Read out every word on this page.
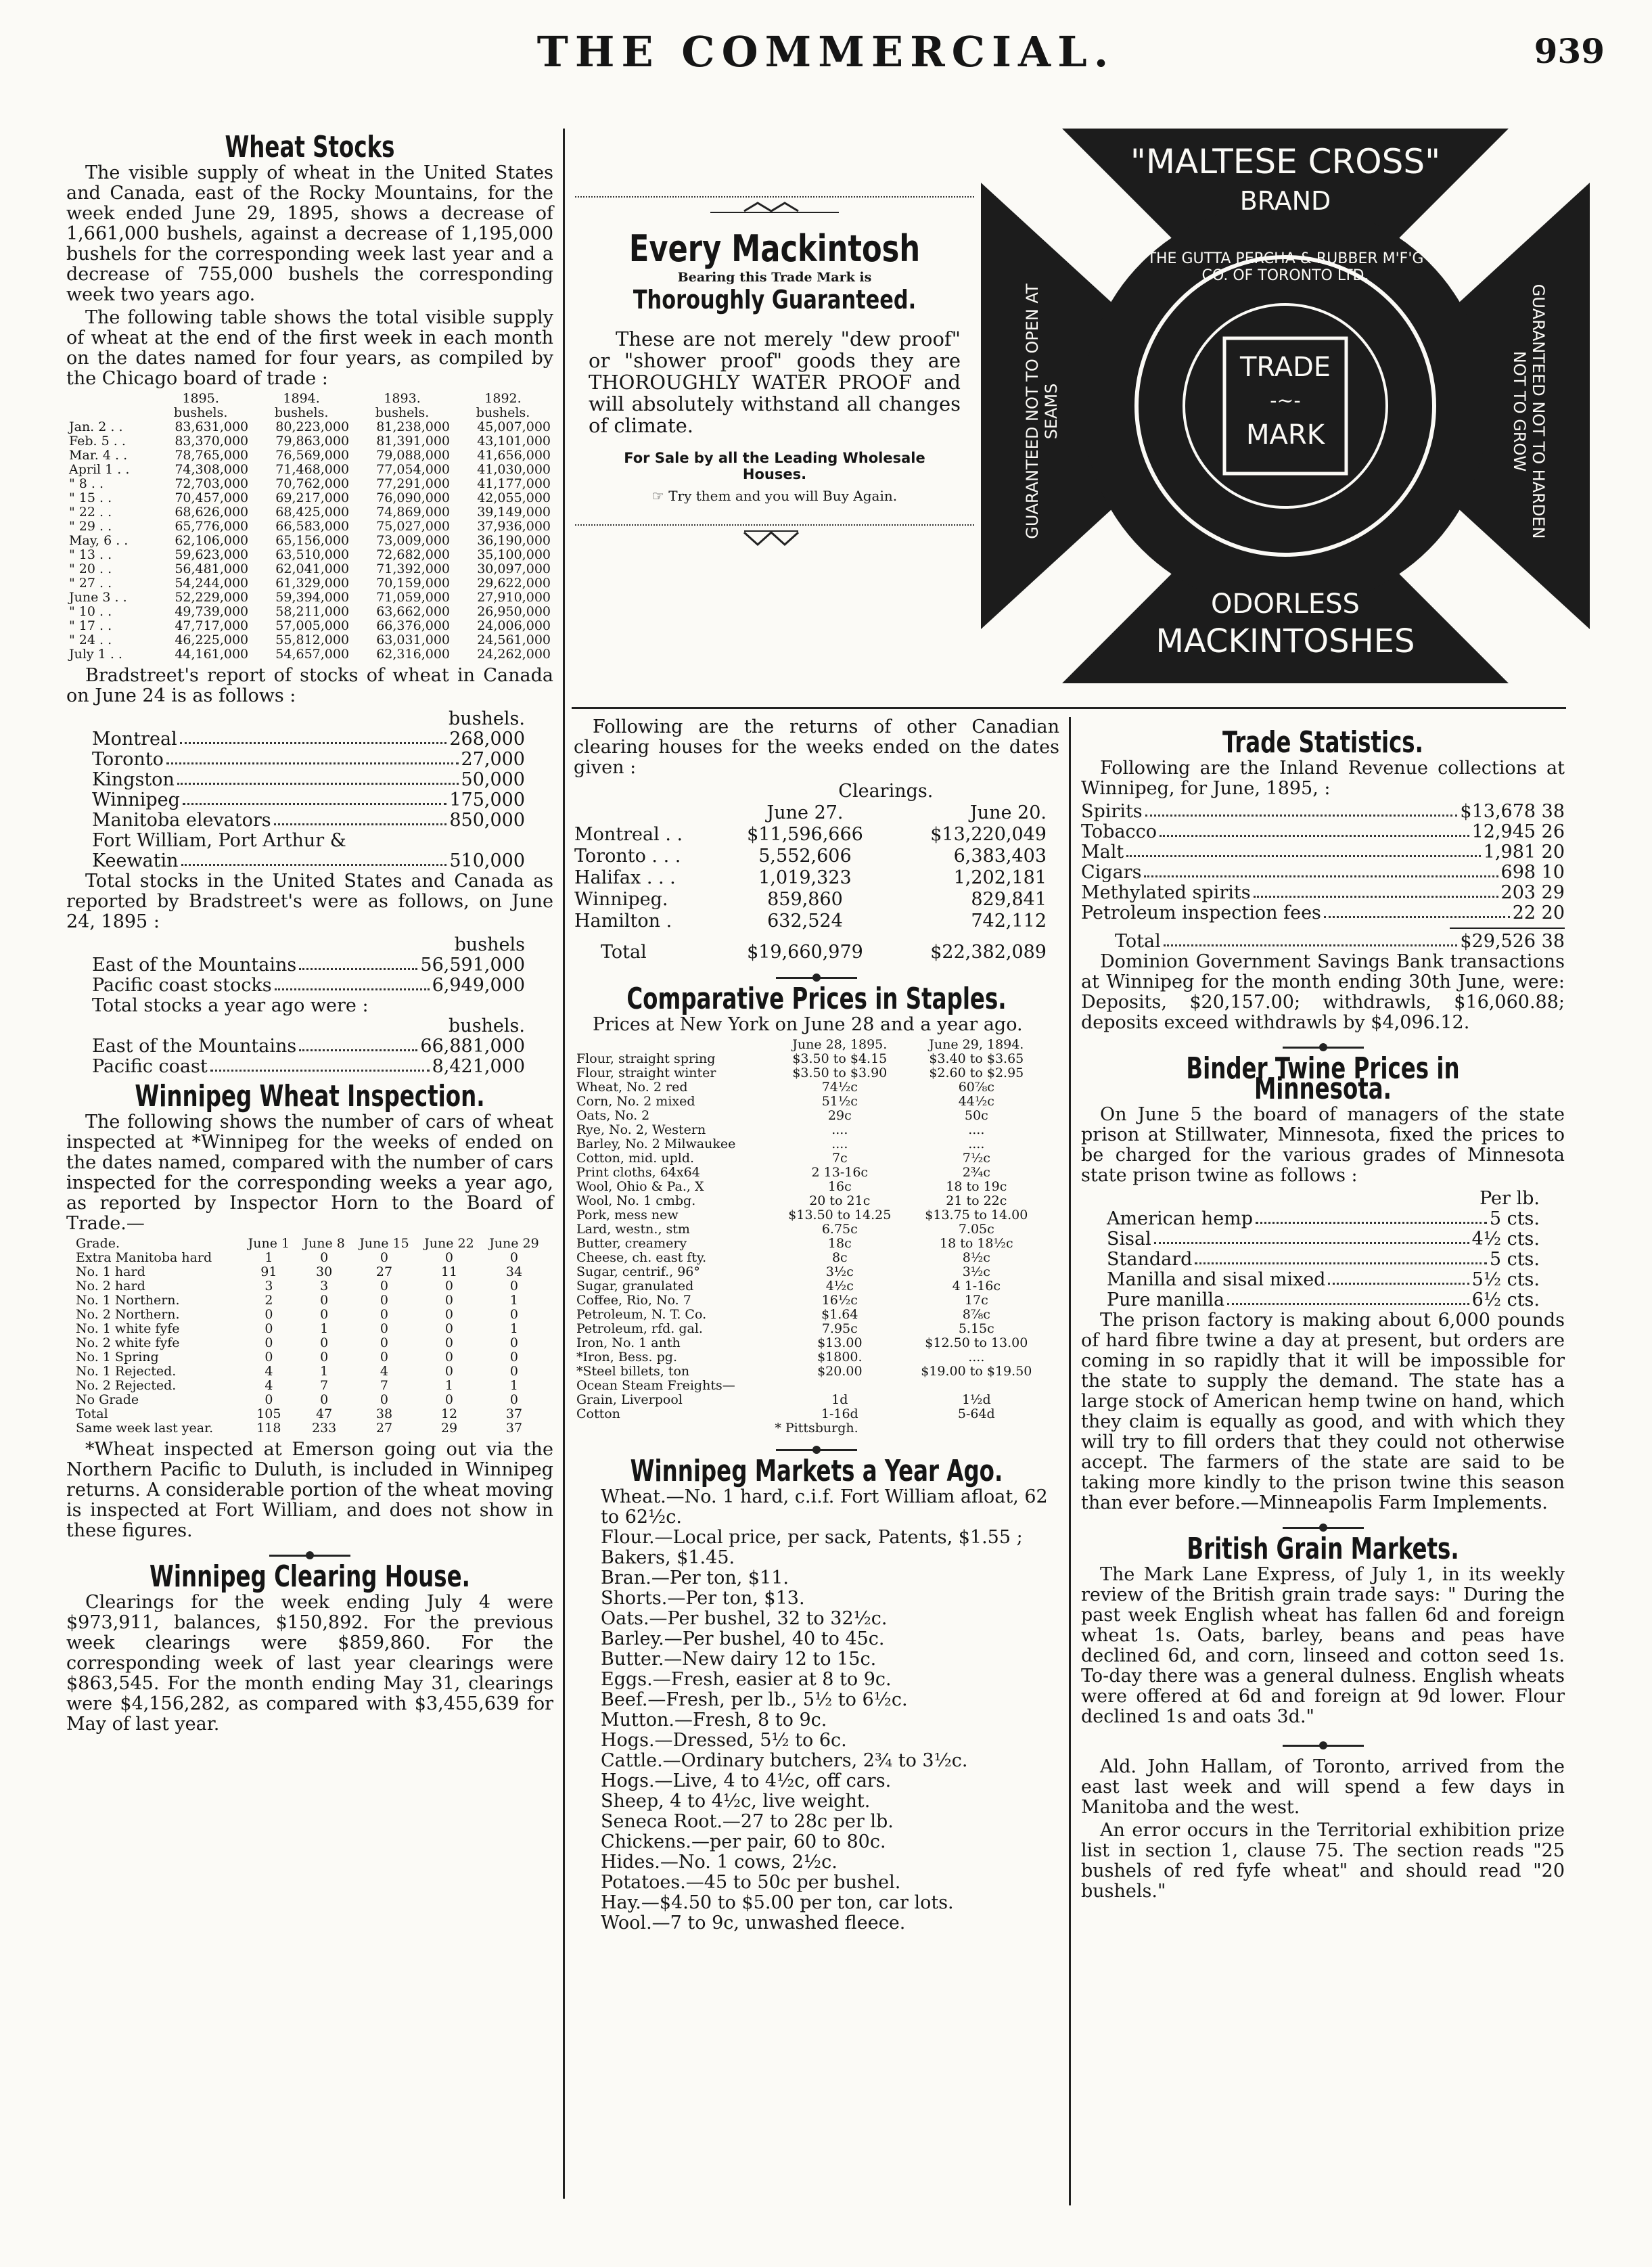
THE COMMERCIAL.	939
Wheat Stocks

The visible supply of wheat in the United States and Canada, east of the Rocky Mountains, for the week ended June 29, 1895, shows a decrease of 1,661,000 bushels, against a decrease of 1,195,000 bushels for the corresponding week last year and a decrease of 755,000 bushels the corresponding week two years ago.

The following table shows the total visible supply of wheat at the end of the first week in each month on the dates named for four years, as compiled by the Chicago board of trade :

	1895.	1894.	1893.	1892.
	bushels.	bushels.	bushels.	bushels.
Jan. 2 . .	83,631,000	80,223,000	81,238,000	45,007,000
Feb. 5 . .	83,370,000	79,863,000	81,391,000	43,101,000
Mar. 4 . .	78,765,000	76,569,000	79,088,000	41,656,000
April 1 . .	74,308,000	71,468,000	77,054,000	41,030,000
" 8 . .	72,703,000	70,762,000	77,291,000	41,177,000
" 15 . .	70,457,000	69,217,000	76,090,000	42,055,000
" 22 . .	68,626,000	68,425,000	74,869,000	39,149,000
" 29 . .	65,776,000	66,583,000	75,027,000	37,936,000
May, 6 . .	62,106,000	65,156,000	73,009,000	36,190,000
" 13 . .	59,623,000	63,510,000	72,682,000	35,100,000
" 20 . .	56,481,000	62,041,000	71,392,000	30,097,000
" 27 . .	54,244,000	61,329,000	70,159,000	29,622,000
June 3 . .	52,229,000	59,394,000	71,059,000	27,910,000
" 10 . .	49,739,000	58,211,000	63,662,000	26,950,000
" 17 . .	47,717,000	57,005,000	66,376,000	24,006,000
" 24 . .	46,225,000	55,812,000	63,031,000	24,561,000
July 1 . .	44,161,000	54,657,000	62,316,000	24,262,000

Bradstreet's report of stocks of wheat in Canada on June 24 is as follows :

bushels.
Montreal	268,000
Toronto	27,000
Kingston	50,000
Winnipeg	175,000
Manitoba elevators	850,000
Fort William, Port Arthur &
Keewatin	510,000

Total stocks in the United States and Canada as reported by Bradstreet's were as follows, on June 24, 1895 :

bushels
East of the Mountains	56,591,000
Pacific coast stocks	6,949,000
Total stocks a year ago were :
bushels.
East of the Mountains	66,881,000
Pacific coast	8,421,000
Winnipeg Wheat Inspection.

The following shows the number of cars of wheat inspected at *Winnipeg for the weeks of ended on the dates named, compared with the number of cars inspected for the corresponding weeks a year ago, as reported by Inspector Horn to the Board of Trade.—

Grade.	June 1	June 8	June 15	June 22	June 29
Extra Manitoba hard	1	0	0	0	0
No. 1 hard	91	30	27	11	34
No. 2 hard	3	3	0	0	0
No. 1 Northern.	2	0	0	0	1
No. 2 Northern.	0	0	0	0	0
No. 1 white fyfe	0	1	0	0	1
No. 2 white fyfe	0	0	0	0	0
No. 1 Spring	0	0	0	0	0
No. 1 Rejected.	4	1	4	0	0
No. 2 Rejected.	4	7	7	1	1
No Grade	0	0	0	0	0
Total	105	47	38	12	37
Same week last year.	118	233	27	29	37

*Wheat inspected at Emerson going out via the Northern Pacific to Duluth, is included in Winnipeg returns. A considerable portion of the wheat moving is inspected at Fort William, and does not show in these figures.

Winnipeg Clearing House.

Clearings for the week ending July 4 were $973,911, balances, $150,892. For the previous week clearings were $859,860. For the corresponding week of last year clearings were $863,545. For the month ending May 31, clearings were $4,156,282, as compared with $3,455,639 for May of last year.

Every Mackintosh
Bearing this Trade Mark is
Thoroughly Guaranteed.

These are not merely "dew proof" or "shower proof" goods they are THOROUGHLY WATER PROOF and will absolutely withstand all changes of climate.

For Sale by all the Leading Wholesale Houses.
☞ Try them and you will Buy Again.
"MALTESE CROSS"
BRAND
THE GUTTA PERCHA & RUBBER M'F'G CO. OF TORONTO LTD.
TRADE
-~-
MARK
GUARANTEED NOT TO OPEN AT SEAMS	GUARANTEED NOT TO HARDEN NOT TO GROW
ODORLESS
MACKINTOSHES

Following are the returns of other Canadian clearing houses for the weeks ended on the dates given :

	Clearings.	
	June 27.	June 20.
Montreal . .	$11,596,666	$13,220,049
Toronto . . .	5,552,606	6,383,403
Halifax . . .	1,019,323	1,202,181
Winnipeg.	859,860	829,841
Hamilton .	632,524	742,112

Total	$19,660,979	$22,382,089
Comparative Prices in Staples.

Prices at New York on June 28 and a year ago.

	June 28, 1895.	June 29, 1894.
Flour, straight spring	$3.50 to $4.15	$3.40 to $3.65
Flour, straight winter	$3.50 to $3.90	$2.60 to $2.95
Wheat, No. 2 red	74½c	60⅞c
Corn, No. 2 mixed	51½c	44½c
Oats, No. 2	29c	50c
Rye, No. 2, Western	....	....
Barley, No. 2 Milwaukee	....	....
Cotton, mid. upld.	7c	7½c
Print cloths, 64x64	2 13-16c	2¾c
Wool, Ohio & Pa., X	16c	18 to 19c
Wool, No. 1 cmbg.	20 to 21c	21 to 22c
Pork, mess new	$13.50 to 14.25	$13.75 to 14.00
Lard, westn., stm	6.75c	7.05c
Butter, creamery	18c	18 to 18½c
Cheese, ch. east fty.	8c	8½c
Sugar, centrif., 96°	3½c	3½c
Sugar, granulated	4½c	4 1-16c
Coffee, Rio, No. 7	16½c	17c
Petroleum, N. T. Co.	$1.64	8⅞c
Petroleum, rfd. gal.	7.95c	5.15c
Iron, No. 1 anth	$13.00	$12.50 to 13.00
*Iron, Bess. pg.	$1800.	....
*Steel billets, ton	$20.00	$19.00 to $19.50
Ocean Steam Freights—		
Grain, Liverpool	1d	1½d
Cotton	1-16d	5-64d
* Pittsburgh.
Winnipeg Markets a Year Ago.
Wheat.—No. 1 hard, c.i.f. Fort William afloat, 62 to 62½c.
Flour.—Local price, per sack, Patents, $1.55 ; Bakers, $1.45.
Bran.—Per ton, $11.
Shorts.—Per ton, $13.
Oats.—Per bushel, 32 to 32½c.
Barley.—Per bushel, 40 to 45c.
Butter.—New dairy 12 to 15c.
Eggs.—Fresh, easier at 8 to 9c.
Beef.—Fresh, per lb., 5½ to 6½c.
Mutton.—Fresh, 8 to 9c.
Hogs.—Dressed, 5½ to 6c.
Cattle.—Ordinary butchers, 2¾ to 3½c.
Hogs.—Live, 4 to 4½c, off cars.
Sheep, 4 to 4½c, live weight.
Seneca Root.—27 to 28c per lb.
Chickens.—per pair, 60 to 80c.
Hides.—No. 1 cows, 2½c.
Potatoes.—45 to 50c per bushel.
Hay.—$4.50 to $5.00 per ton, car lots.
Wool.—7 to 9c, unwashed fleece.
Trade Statistics.

Following are the Inland Revenue collections at Winnipeg, for June, 1895, :

Spirits	$13,678 38
Tobacco	12,945 26
Malt	1,981 20
Cigars	698 10
Methylated spirits	203 29
Petroleum inspection fees	22 20
Total	$29,526 38

Dominion Government Savings Bank transactions at Winnipeg for the month ending 30th June, were: Deposits, $20,157.00; withdrawls, $16,060.88; deposits exceed withdrawls by $4,096.12.

Binder Twine Prices in Minnesota.

On June 5 the board of managers of the state prison at Stillwater, Minnesota, fixed the prices to be charged for the various grades of Minnesota state prison twine as follows :

Per lb.
American hemp	5 cts.
Sisal	4½ cts.
Standard	5 cts.
Manilla and sisal mixed	5½ cts.
Pure manilla	6½ cts.

The prison factory is making about 6,000 pounds of hard fibre twine a day at present, but orders are coming in so rapidly that it will be impossible for the state to supply the demand. The state has a large stock of American hemp twine on hand, which they claim is equally as good, and with which they will try to fill orders that they could not otherwise accept. The farmers of the state are said to be taking more kindly to the prison twine this season than ever before.—Minneapolis Farm Implements.

British Grain Markets.

The Mark Lane Express, of July 1, in its weekly review of the British grain trade says: " During the past week English wheat has fallen 6d and foreign wheat 1s. Oats, barley, beans and peas have declined 6d, and corn, linseed and cotton seed 1s. To-day there was a general dulness. English wheats were offered at 6d and foreign at 9d lower. Flour declined 1s and oats 3d."

Ald. John Hallam, of Toronto, arrived from the east last week and will spend a few days in Manitoba and the west.

An error occurs in the Territorial exhibition prize list in section 1, clause 75. The section reads "25 bushels of red fyfe wheat" and should read "20 bushels."
